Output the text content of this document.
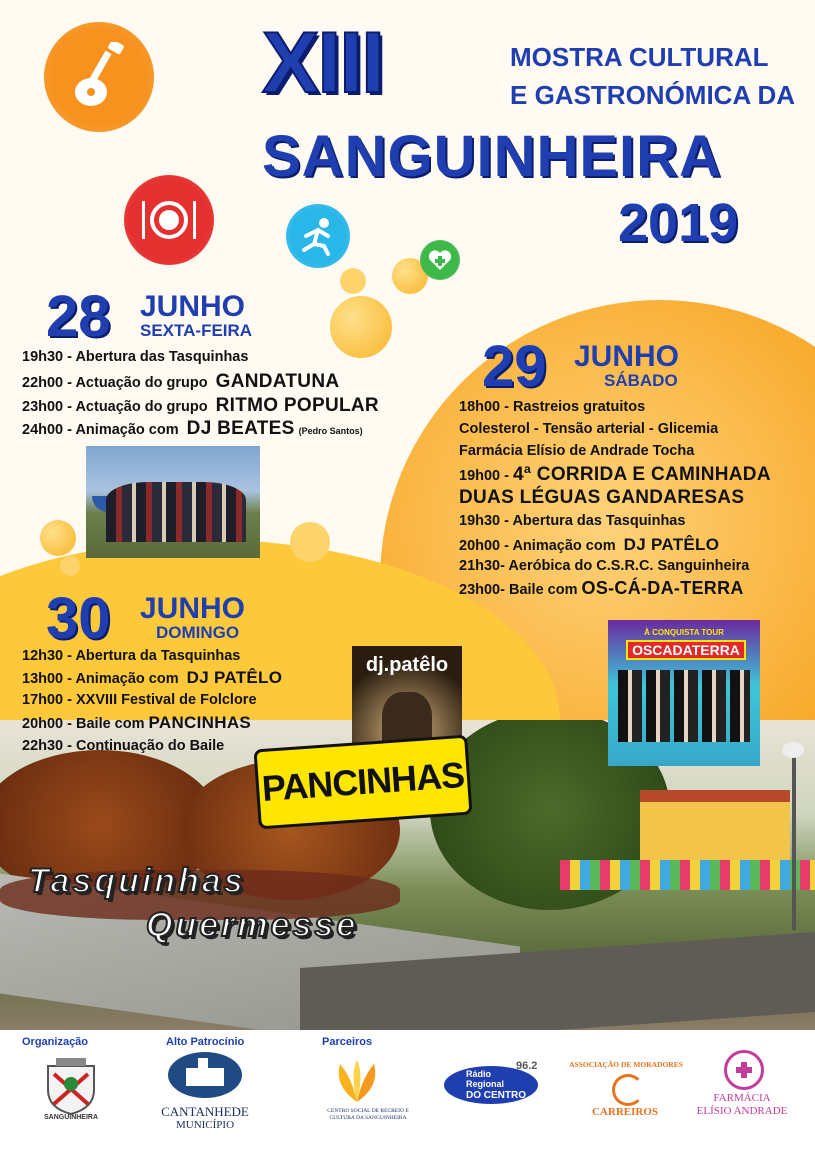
XIII	MOSTRA CULTURAL
E GASTRONÓMICA DA
SANGUINHEIRA
2019
28 JUNHO
SEXTA-FEIRA
19h30 - Abertura das Tasquinhas
22h00 - Actuação do grupo GANDATUNA
23h00 - Actuação do grupo RITMO POPULAR
24h00 - Animação com DJ BEATES (Pedro Santos)
29 JUNHO
SÁBADO
18h00 - Rastreios gratuitos
Colesterol - Tensão arterial - Glicemia
Farmácia Elísio de Andrade Tocha
19h00 - 4ª CORRIDA E CAMINHADA
DUAS LÉGUAS GANDARESAS
19h30 - Abertura das Tasquinhas
20h00 - Animação com DJ PATÊLO
21h30- Aeróbica do C.S.R.C. Sanguinheira
23h00- Baile com OS-CÁ-DA-TERRA
30 JUNHO
DOMINGO
12h30 - Abertura da Tasquinhas
13h00 - Animação com DJ PATÊLO
17h00 - XXVIII Festival de Folclore
20h00 - Baile com PANCINHAS
22h30 - Continuação do Baile
dj.patêlo
PANCINHAS
À CONQUISTA TOUR
OSCADATERRA
Tasquinhas
Quermesse
Organização	Alto Patrocínio	Parceiros
SANGUINHEIRA	CANTANHEDE
MUNICÍPIO
CENTRO SOCIAL DE RECREIO E CULTURA DA SANGUINHEIRA
Rádio
Regional
DO CENTRO
96.2	ASSOCIAÇÃO DE MORADORES
CARREIROS
FARMÁCIA
ELÍSIO ANDRADE
